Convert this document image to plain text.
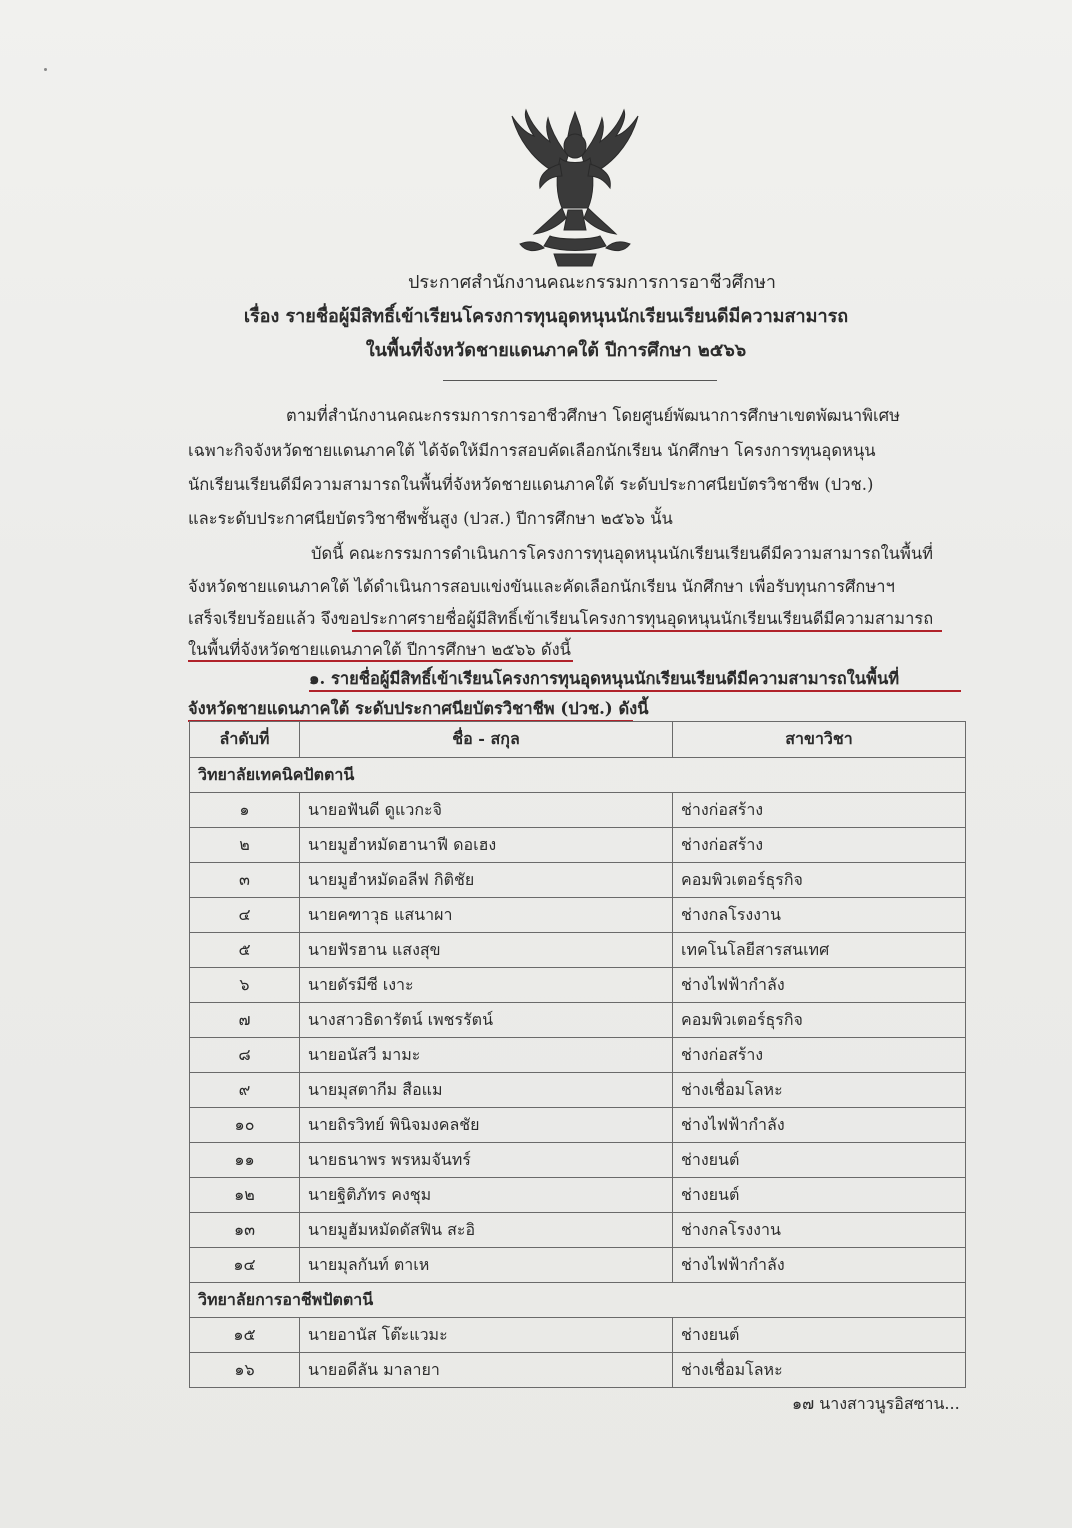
ประกาศสำนักงานคณะกรรมการการอาชีวศึกษา
เรื่อง รายชื่อผู้มีสิทธิ์เข้าเรียนโครงการทุนอุดหนุนนักเรียนเรียนดีมีความสามารถ
ในพื้นที่จังหวัดชายแดนภาคใต้ ปีการศึกษา ๒๕๖๖
ตามที่สำนักงานคณะกรรมการการอาชีวศึกษา โดยศูนย์พัฒนาการศึกษาเขตพัฒนาพิเศษ
เฉพาะกิจจังหวัดชายแดนภาคใต้ ได้จัดให้มีการสอบคัดเลือกนักเรียน นักศึกษา โครงการทุนอุดหนุน
นักเรียนเรียนดีมีความสามารถในพื้นที่จังหวัดชายแดนภาคใต้ ระดับประกาศนียบัตรวิชาชีพ (ปวช.)
และระดับประกาศนียบัตรวิชาชีพชั้นสูง (ปวส.) ปีการศึกษา ๒๕๖๖ นั้น
บัดนี้ คณะกรรมการดำเนินการโครงการทุนอุดหนุนนักเรียนเรียนดีมีความสามารถในพื้นที่
จังหวัดชายแดนภาคใต้ ได้ดำเนินการสอบแข่งขันและคัดเลือกนักเรียน นักศึกษา เพื่อรับทุนการศึกษาฯ
เสร็จเรียบร้อยแล้ว จึงขอประกาศรายชื่อผู้มีสิทธิ์เข้าเรียนโครงการทุนอุดหนุนนักเรียนเรียนดีมีความสามารถ
ในพื้นที่จังหวัดชายแดนภาคใต้ ปีการศึกษา ๒๕๖๖ ดังนี้
๑. รายชื่อผู้มีสิทธิ์เข้าเรียนโครงการทุนอุดหนุนนักเรียนเรียนดีมีความสามารถในพื้นที่
จังหวัดชายแดนภาคใต้ ระดับประกาศนียบัตรวิชาชีพ (ปวช.) ดังนี้
ลำดับที่	ชื่อ - สกุล	สาขาวิชา
วิทยาลัยเทคนิคปัตตานี		
๑	นายอฟันดี ดูแวกะจิ	ช่างก่อสร้าง
๒	นายมูฮำหมัดฮานาฟี ดอเฮง	ช่างก่อสร้าง
๓	นายมูฮำหมัดอลีฟ กิติชัย	คอมพิวเตอร์ธุรกิจ
๔	นายคฑาวุธ แสนาผา	ช่างกลโรงงาน
๕	นายฟัรฮาน แสงสุข	เทคโนโลยีสารสนเทศ
๖	นายดัรมีซี เงาะ	ช่างไฟฟ้ากำลัง
๗	นางสาวธิดารัตน์ เพชรรัตน์	คอมพิวเตอร์ธุรกิจ
๘	นายอนัสวี มามะ	ช่างก่อสร้าง
๙	นายมุสตากีม สือแม	ช่างเชื่อมโลหะ
๑๐	นายถิรวิทย์ พินิจมงคลชัย	ช่างไฟฟ้ากำลัง
๑๑	นายธนาพร พรหมจันทร์	ช่างยนต์
๑๒	นายฐิติภัทร คงชุม	ช่างยนต์
๑๓	นายมูฮัมหมัดดัสฟิน สะอิ	ช่างกลโรงงาน
๑๔	นายมุลกันท์ ตาเห	ช่างไฟฟ้ากำลัง
วิทยาลัยการอาชีพปัตตานี		
๑๕	นายอานัส โต๊ะแวมะ	ช่างยนต์
๑๖	นายอดีลัน มาลายา	ช่างเชื่อมโลหะ
๑๗ นางสาวนูรอิสซาน...
